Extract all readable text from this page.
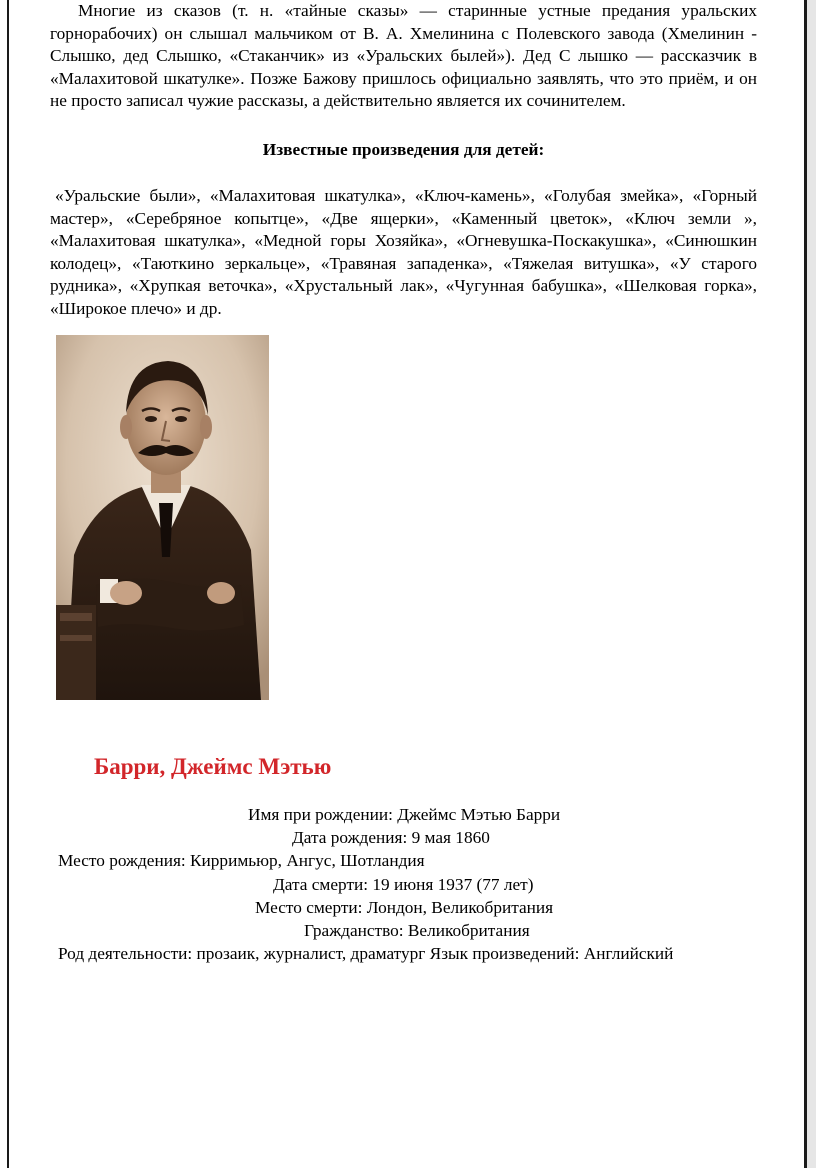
Многие из сказов (т. н. «тайные сказы» — старинные устные предания уральских горнорабочих) он слышал мальчиком от В. А. Хмелинина с Полевского завода (Хмелинин - Слышко, дед Слышко, «Стаканчик» из «Уральских былей»). Дед С лышко — рассказчик в «Малахитовой шкатулке». Позже Бажову пришлось официально заявлять, что это приём, и он не просто записал чужие рассказы, а действительно является их сочинителем.

Известные произведения для детей:

«Уральские были», «Малахитовая шкатулка», «Ключ-камень», «Голубая змейка», «Горный мастер», «Серебряное копытце», «Две ящерки», «Каменный цветок», «Ключ земли », «Малахитовая шкатулка», «Медной горы Хозяйка», «Огневушка-Поскакушка», «Синюшкин колодец», «Таюткино зеркальце», «Травяная западенка», «Тяжелая витушка», «У старого рудника», «Хрупкая веточка», «Хрустальный лак», «Чугунная бабушка», «Шелковая горка», «Широкое плечо» и др.

Барри, Джеймс Мэтью

Имя при рождении: Джеймс Мэтью Барри

Дата рождения: 9 мая 1860

Место рождения: Кирримьюр, Ангус, Шотландия

Дата смерти: 19 июня 1937 (77 лет)

Место смерти: Лондон, Великобритания

Гражданство: Великобритания

Род деятельности: прозаик, журналист, драматург Язык произведений: Английский
